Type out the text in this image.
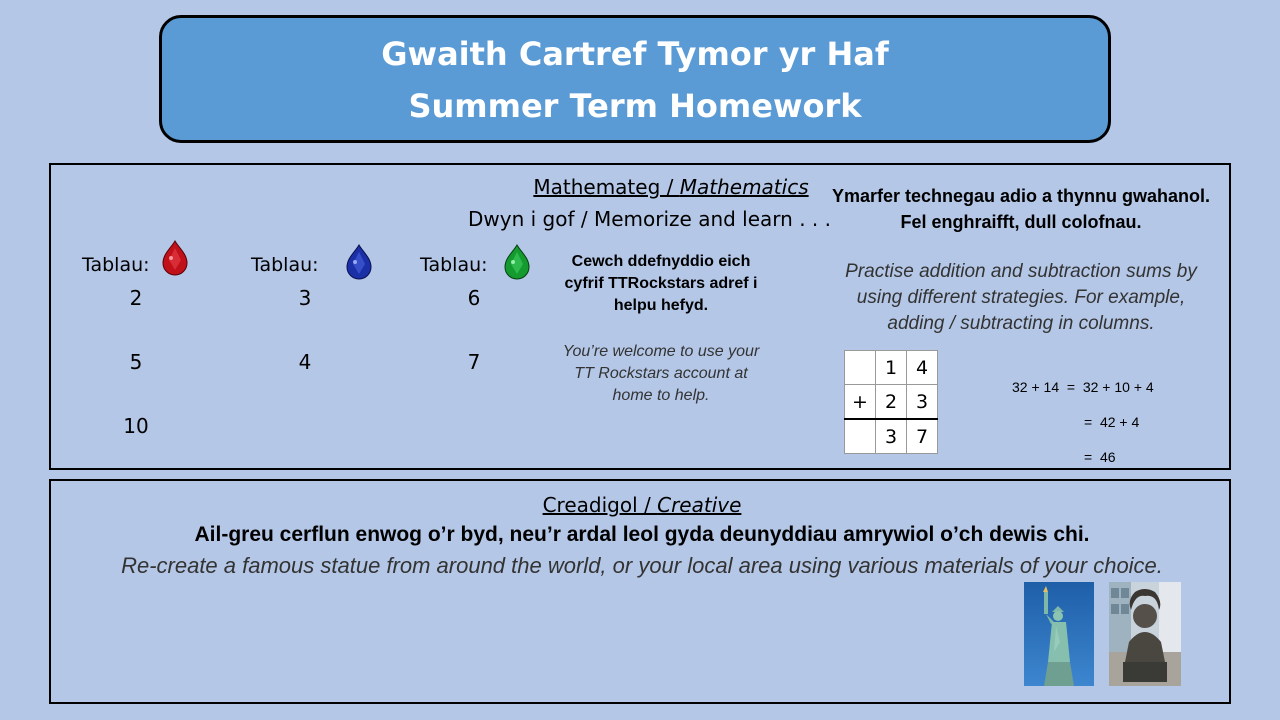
Gwaith Cartref Tymor yr Haf
Summer Term Homework
Mathemateg / Mathematics
Dwyn i gof / Memorize and learn . . .
Tablau:
2
5
10
Tablau:
3
4
Tablau:
6
7
Cewch ddefnyddio eich cyfrif TTRockstars adref i helpu hefyd.
You’re welcome to use your TT Rockstars account at home to help.
Ymarfer technegau adio a thynnu gwahanol. Fel enghraifft, dull colofnau.
Practise addition and subtraction sums by using different strategies. For example, adding / subtracting in columns.
	1	4
+	2	3
	3	7
32 + 14  =  32 + 10 + 4
=  42 + 4
=  46
Creadigol / Creative
Ail-greu cerflun enwog o’r byd, neu’r ardal leol gyda deunyddiau amrywiol o’ch dewis chi.
Re-create a famous statue from around the world, or your local area using various materials of your choice.
